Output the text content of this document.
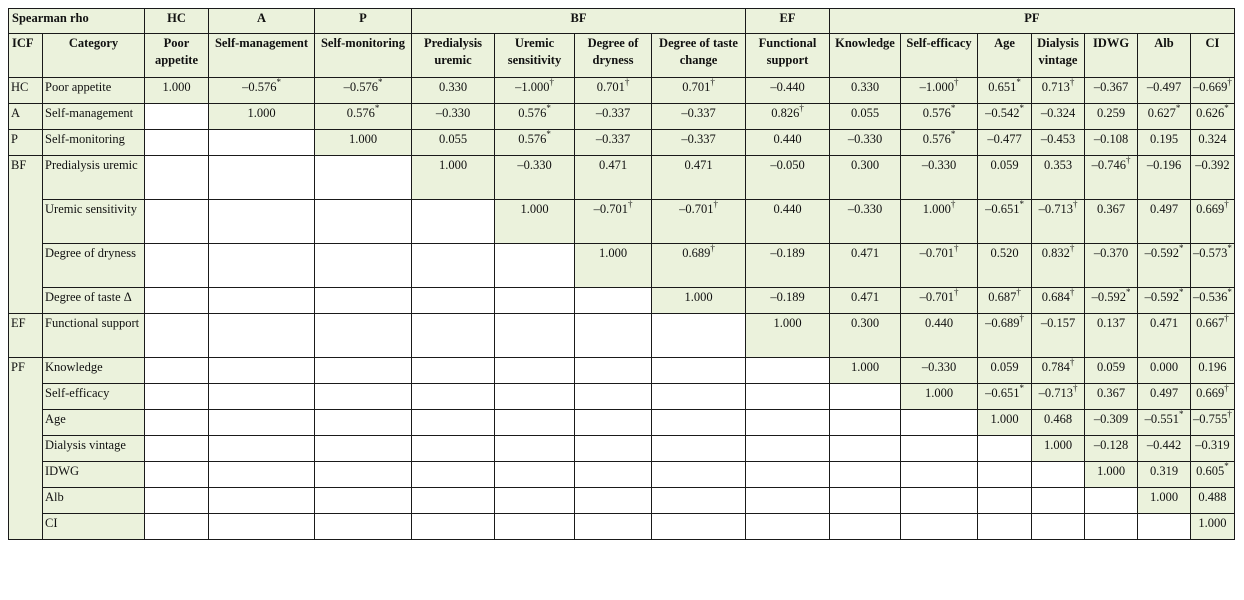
Spearman rho		HC	A	P	BF				EF	PF						
ICF	Category	Poor appetite	Self-management	Self-monitoring	Predialysis uremic	Uremic sensitivity	Degree of dryness	Degree of taste change	Functional support	Knowledge	Self-efficacy	Age	Dialysis vintage	IDWG	Alb	CI
HC	Poor appetite	1.000	–0.576*	–0.576*	0.330	–1.000†	0.701†	0.701†	–0.440	0.330	–1.000†	0.651*	0.713†	–0.367	–0.497	–0.669†
A	Self-management		1.000	0.576*	–0.330	0.576*	–0.337	–0.337	0.826†	0.055	0.576*	–0.542*	–0.324	0.259	0.627*	0.626*
P	Self-monitoring			1.000	0.055	0.576*	–0.337	–0.337	0.440	–0.330	0.576*	–0.477	–0.453	–0.108	0.195	0.324
BF	Predialysis uremic				1.000	–0.330	0.471	0.471	–0.050	0.300	–0.330	0.059	0.353	–0.746†	–0.196	–0.392
	Uremic sensitivity					1.000	–0.701†	–0.701†	0.440	–0.330	1.000†	–0.651*	–0.713†	0.367	0.497	0.669†
	Degree of dryness						1.000	0.689†	–0.189	0.471	–0.701†	0.520	0.832†	–0.370	–0.592*	–0.573*
	Degree of taste Δ							1.000	–0.189	0.471	–0.701†	0.687†	0.684†	–0.592*	–0.592*	–0.536*
EF	Functional support								1.000	0.300	0.440	–0.689†	–0.157	0.137	0.471	0.667†
PF	Knowledge									1.000	–0.330	0.059	0.784†	0.059	0.000	0.196
	Self-efficacy										1.000	–0.651*	–0.713†	0.367	0.497	0.669†
	Age											1.000	0.468	–0.309	–0.551*	–0.755†
	Dialysis vintage												1.000	–0.128	–0.442	–0.319
	IDWG													1.000	0.319	0.605*
	Alb														1.000	0.488
	CI															1.000
